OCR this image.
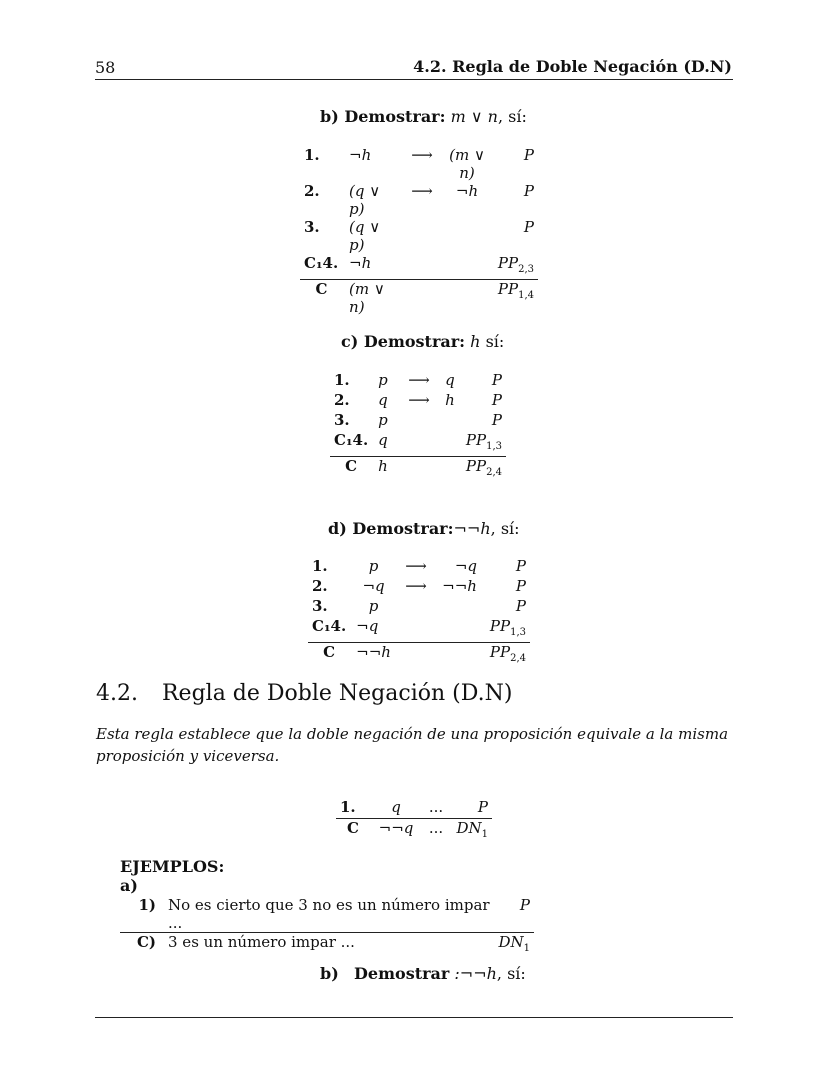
58	4.2. Regla de Doble Negación (D.N)
b) Demostrar: m ∨ n, sí:
1.	¬h	⟶	(m ∨ n)	P
2.	(q ∨ p)	⟶	¬h	P
3.	(q ∨ p)			P
C₁4.	¬h			$PP_{2,3}$
C	(m ∨ n)			$PP_{1,4}$
c) Demostrar: h sí:
1.	p	⟶	q	P
2.	q	⟶	h	P
3.	p			P
C₁4.	q			$PP_{1,3}$
C	h			$PP_{2,4}$
d) Demostrar:¬¬h, sí:
1.	p	⟶	¬q	P
2.	¬q	⟶	¬¬h	P
3.	p			P
C₁4.	¬q			$PP_{1,3}$
C	¬¬h			$PP_{2,4}$
4.2. Regla de Doble Negación (D.N)
Esta regla establece que la doble negación de una proposición equivale a la misma proposición y viceversa.
1.	q	...	P
C	¬¬q	...	$DN_1$
EJEMPLOS:
a)
1)	No es cierto que 3 no es un número impar ...	P
C)	3 es un número impar ...	$DN_1$
b) Demostrar :¬¬h, sí:
